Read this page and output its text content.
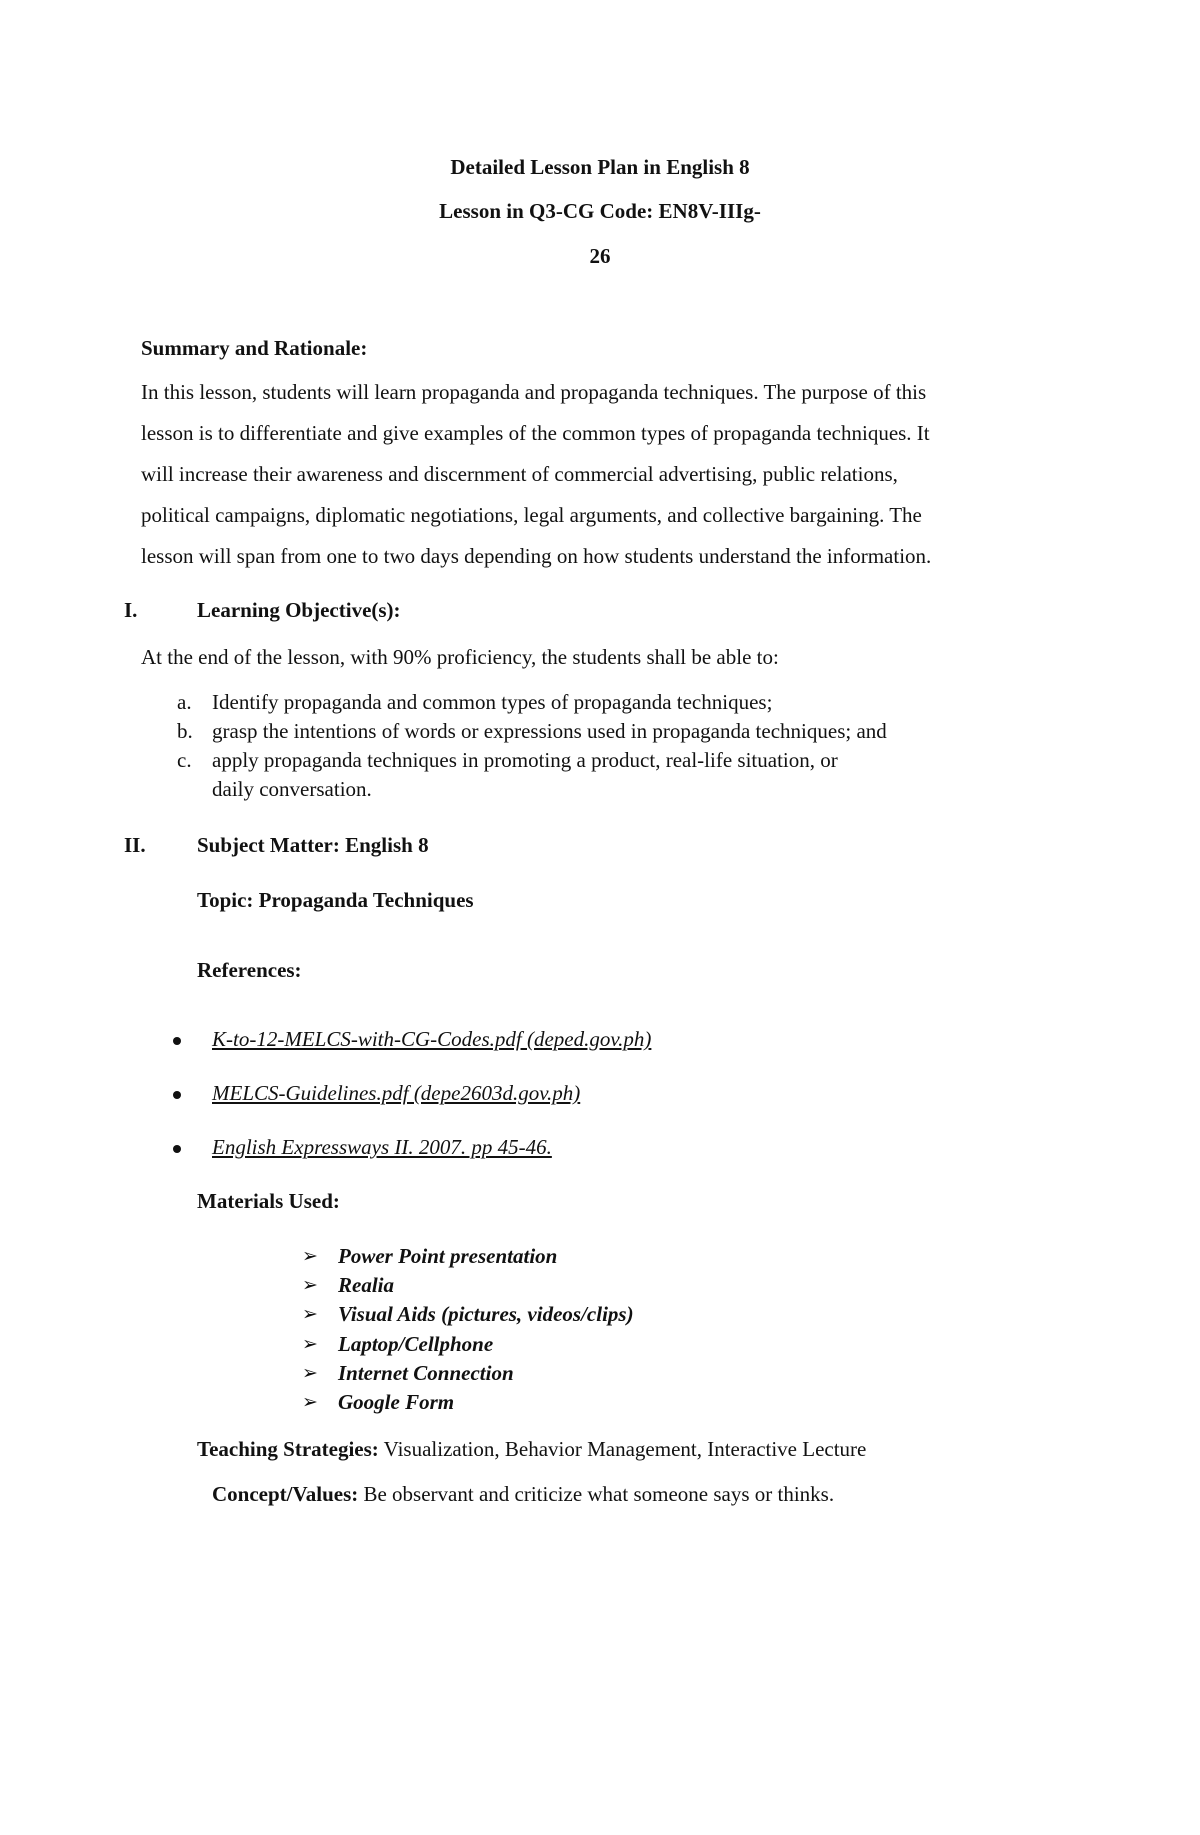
Detailed Lesson Plan in English 8
Lesson in Q3-CG Code: EN8V-IIIg-
26
Summary and Rationale:
In this lesson, students will learn propaganda and propaganda techniques. The purpose of this
lesson is to differentiate and give examples of the common types of propaganda techniques. It
will increase their awareness and discernment of commercial advertising, public relations,
political campaigns, diplomatic negotiations, legal arguments, and collective bargaining. The
lesson will span from one to two days depending on how students understand the information.
I.	Learning Objective(s):
At the end of the lesson, with 90% proficiency, the students shall be able to:
a. Identify propaganda and common types of propaganda techniques;
b. grasp the intentions of words or expressions used in propaganda techniques; and
c. apply propaganda techniques in promoting a product, real-life situation, or
daily conversation.
II. Subject Matter: English 8
Topic: Propaganda Techniques
References:
K-to-12-MELCS-with-CG-Codes.pdf (deped.gov.ph)
MELCS-Guidelines.pdf (depe2603d.gov.ph)
English Expressways II. 2007. pp 45-46.
Materials Used:
➢ Power Point presentation
➢ Realia
➢ Visual Aids (pictures, videos/clips)
➢ Laptop/Cellphone
➢ Internet Connection
➢ Google Form
Teaching Strategies: Visualization, Behavior Management, Interactive Lecture
Concept/Values: Be observant and criticize what someone says or thinks.
